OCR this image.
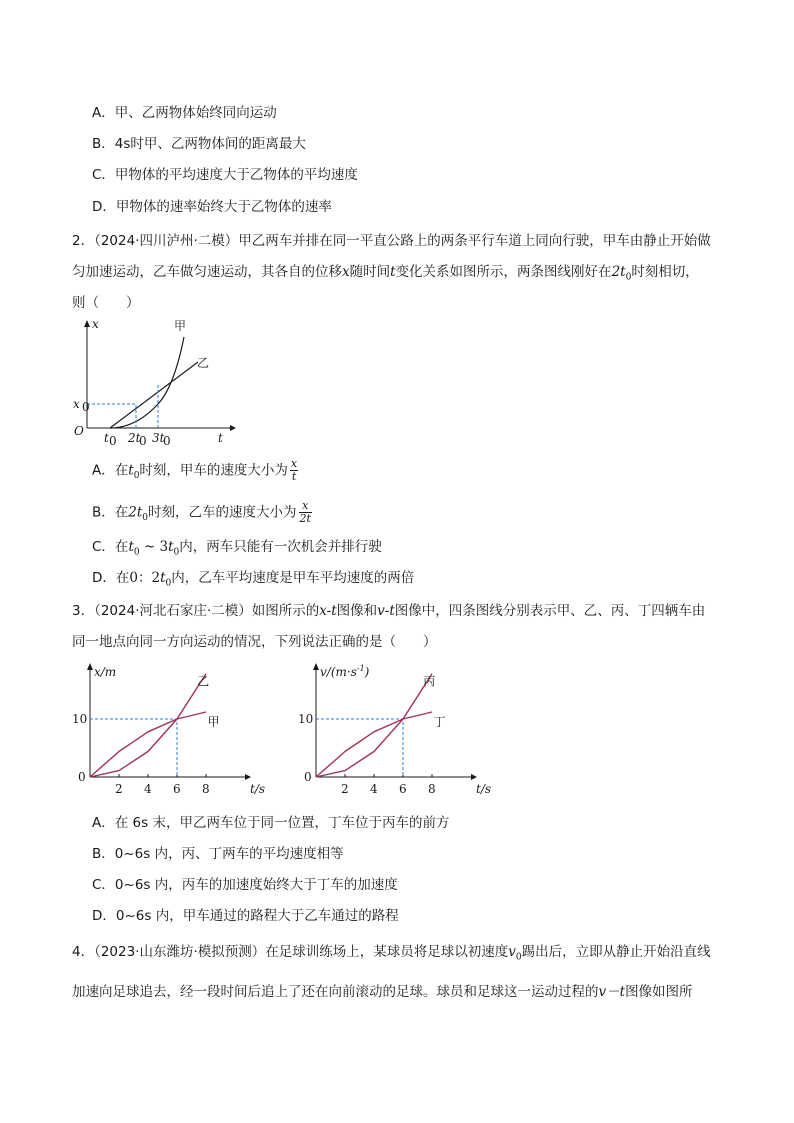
A．甲、乙两物体始终同向运动
B．4s时甲、乙两物体间的距离最大
C．甲物体的平均速度大于乙物体的平均速度
D．甲物体的速率始终大于乙物体的速率
2．（2024·四川泸州·二模）甲乙两车并排在同一平直公路上的两条平行车道上同向行驶，甲车由静止开始做
匀加速运动，乙车做匀速运动，其各自的位移x随时间t变化关系如图所示，两条图线刚好在$2t_0$时刻相切，
则（　　）
x
t
O
x 0
t 0 2t
0 3t
0
甲
乙
A．在$t_0$时刻，甲车的速度大小为 $\frac{x}{t}$
B．在$2t_0$时刻，乙车的速度大小为 $\frac{x}{2t}$
C．在$t_0$ ~ $3t_0$内，两车只能有一次机会并排行驶
D．在0：$2t_0$内，乙车平均速度是甲车平均速度的两倍
3．（2024·河北石家庄·二模）如图所示的x-t图像和v-t图像中，四条图线分别表示甲、乙、丙、丁四辆车由
同一地点向同一方向运动的情况，下列说法正确的是（　　）
2 4 6 8
0
10
乙
甲
x/m
t/s	2 4 6 8
0
10
丙
丁
$v/(m\cdot s^{-1})$
t/s
A．在 6s 末，甲乙两车位于同一位置，丁车位于丙车的前方
B．0~6s 内，丙、丁两车的平均速度相等
C．0~6s 内，丙车的加速度始终大于丁车的加速度
D．0~6s 内，甲车通过的路程大于乙车通过的路程
4．（2023·山东潍坊·模拟预测）在足球训练场上，某球员将足球以初速度$v_0$踢出后，立即从静止开始沿直线
加速向足球追去，经一段时间后追上了还在向前滚动的足球。球员和足球这一运动过程的v－t图像如图所
